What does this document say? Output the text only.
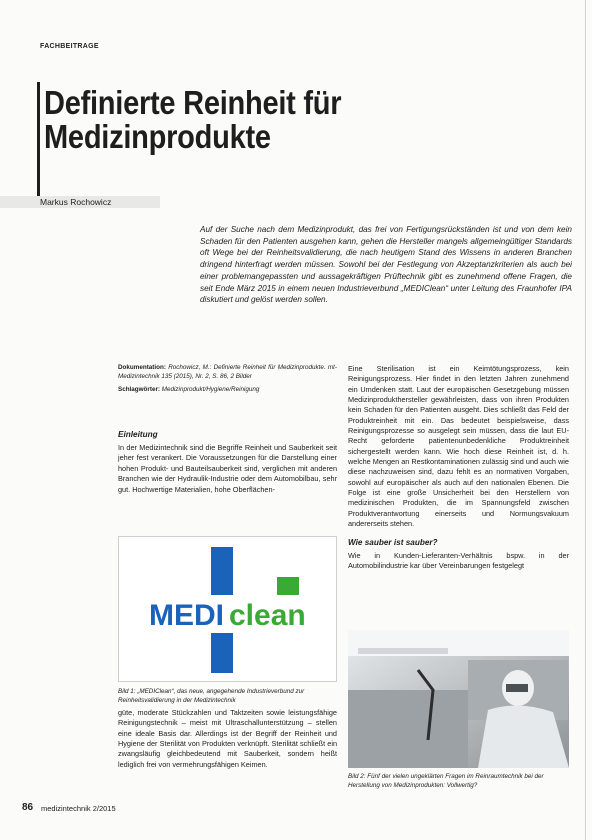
FACHBEITRAGE
Definierte Reinheit für
Medizinprodukte
Markus Rochowicz
Auf der Suche nach dem Medizinprodukt, das frei von Fertigungsrückständen ist und von dem kein Schaden für den Patienten ausgehen kann, gehen die Hersteller mangels allgemeingültiger Standards oft Wege bei der Reinheitsvalidierung, die nach heutigem Stand des Wissens in anderen Branchen dringend hinterfragt werden müssen. Sowohl bei der Festlegung von Akzeptanzkriterien als auch bei einer problemangepassten und aussagekräftigen Prüftechnik gibt es zunehmend offene Fragen, die seit Ende März 2015 in einem neuen Industrieverbund „MEDIClean“ unter Leitung des Fraunhofer IPA diskutiert und gelöst werden sollen.

Dokumentation: Rochowicz, M.: Definierte Reinheit für Medizinprodukte. mt-Medizintechnik 135 (2015), Nr. 2, S. 86, 2 Bilder

Schlagwörter: Medizinprodukt/Hygiene/Reinigung

Einleitung
In der Medizintechnik sind die Begriffe Reinheit und Sauberkeit seit jeher fest verankert. Die Voraussetzungen für die Darstellung einer hohen Produkt- und Bauteilsauberkeit sind, verglichen mit anderen Branchen wie der Hydraulik-Industrie oder dem Automobilbau, sehr gut. Hochwertige Materialien, hohe Oberflächen-
MEDI clean
Bild 1: „MEDIClean“, das neue, angegehende Industrieverbund zur Reinheitsvalidierung in der Medizintechnik
güte, moderate Stückzahlen und Taktzeiten sowie leistungsfähige Reinigungstechnik – meist mit Ultraschallunterstützung – stellen eine ideale Basis dar. Allerdings ist der Begriff der Reinheit und Hygiene der Sterilität von Produkten verknüpft. Sterilität schließt ein zwangsläufig gleichbedeutend mit Sauberkeit, sondern heißt lediglich frei von vermehrungsfähigen Keimen.
Eine Sterilisation ist ein Keimtötungsprozess, kein Reinigungsprozess. Hier findet in den letzten Jahren zunehmend ein Umdenken statt. Laut der europäischen Gesetzgebung müssen Medizinprodukthersteller gewährleisten, dass von ihren Produkten kein Schaden für den Patienten ausgeht. Dies schließt das Feld der Produktreinheit mit ein. Das bedeutet beispielsweise, dass Reinigungsprozesse so ausgelegt sein müssen, dass die laut EU-Recht geforderte patientenunbedenkliche Produktreinheit sichergestellt werden kann. Wie hoch diese Reinheit ist, d. h. welche Mengen an Restkontaminationen zulässig sind und auch wie diese nachzuweisen sind, dazu fehlt es an normativen Vorgaben, sowohl auf europäischer als auch auf den nationalen Ebenen. Die Folge ist eine große Unsicherheit bei den Herstellern von medizinischen Produkten, die im Spannungsfeld zwischen Produktverantwortung einerseits und Normungsvakuum andererseits stehen.
Wie sauber ist sauber?
Wie in Kunden-Lieferanten-Verhältnis bspw. in der Automobilindustrie kar über Vereinbarungen festgelegt
Bild 2: Fünf der vielen ungeklärten Fragen im Reinraumtechnik bei der Herstellung von Medizinprodukten: Vollwertig?
86 medizintechnik 2/2015
